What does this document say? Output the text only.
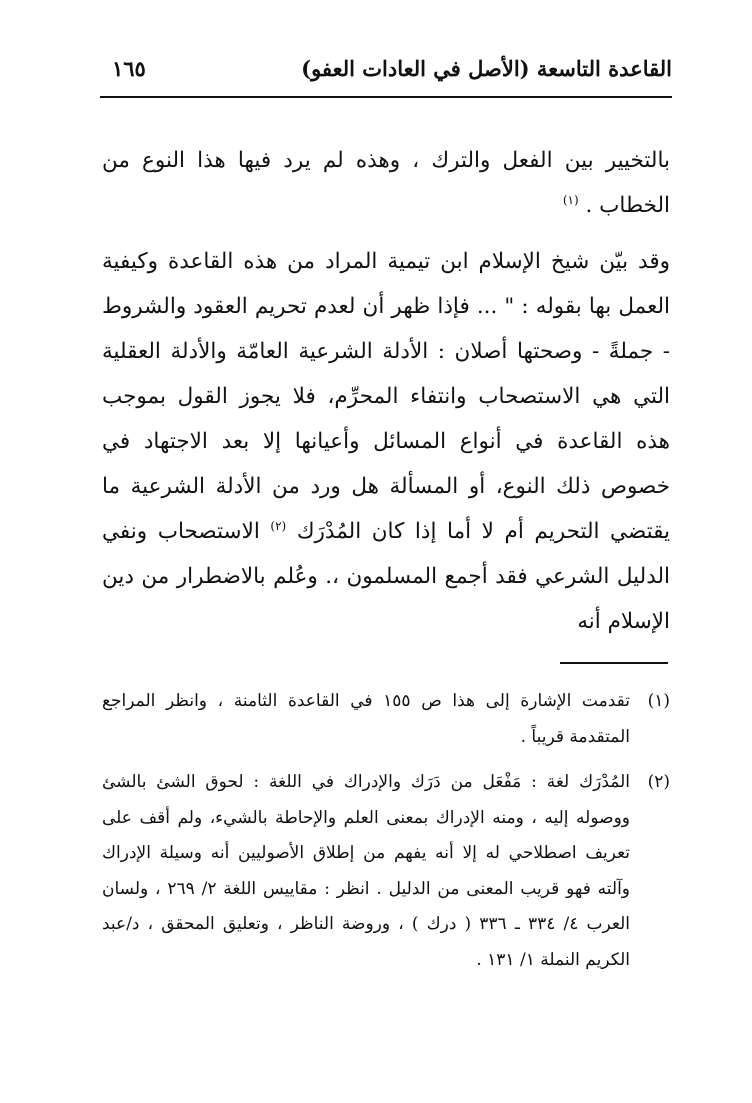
القاعدة التاسعة (الأصل في العادات العفو)
١٦٥

بالتخيير بين الفعل والترك ، وهذه لم يرد فيها هذا النوع من الخطاب . $^{(١)}$

وقد بيّن شيخ الإسلام ابن تيمية المراد من هذه القاعدة وكيفية العمل بها بقوله : " ... فإذا ظهر أن لعدم تحريم العقود والشروط - جملةً - وصحتها أصلان : الأدلة الشرعية العامّة والأدلة العقلية التي هي الاستصحاب وانتفاء المحرِّم، فلا يجوز القول بموجب هذه القاعدة في أنواع المسائل وأعيانها إلا بعد الاجتهاد في خصوص ذلك النوع، أو المسألة هل ورد من الأدلة الشرعية ما يقتضي التحريم أم لا أما إذا كان المُدْرَك $^{(٢)}$ الاستصحاب ونفي الدليل الشرعي فقد أجمع المسلمون ،. وعُلم بالاضطرار من دين الإسلام أنه

(١)
تقدمت الإشارة إلى هذا ص ١٥٥ في القاعدة الثامنة ، وانظر المراجع المتقدمة قريباً .

(٢)
المُدْرَك لغة : مَفْعَل من دَرَك والإدراك في اللغة : لحوق الشئ بالشئ ووصوله إليه ، ومنه الإدراك بمعنى العلم والإحاطة بالشيء، ولم أقف على تعريف اصطلاحي له إلا أنه يفهم من إطلاق الأصوليين أنه وسيلة الإدراك وآلته فهو قريب المعنى من الدليل . انظر : مقاييس اللغة ٢/ ٢٦٩ ، ولسان العرب ٤/ ٣٣٤ ـ ٣٣٦ ( درك ) ، وروضة الناظر ، وتعليق المحقق ، د/عبد الكريم النملة ١/ ١٣١ .
